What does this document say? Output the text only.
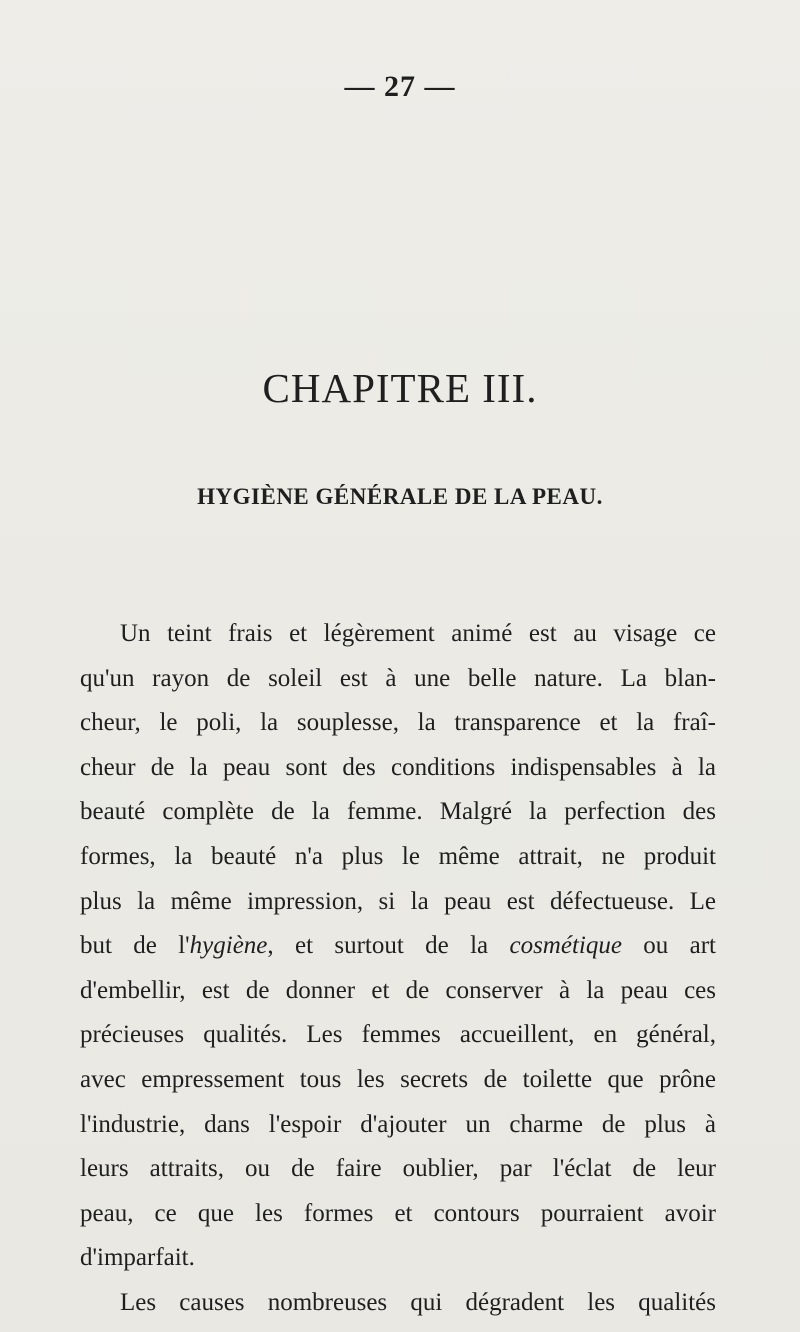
— 27 —
CHAPITRE III.
HYGIÈNE GÉNÉRALE DE LA PEAU.
Un teint frais et légèrement animé est au visage ce
qu'un rayon de soleil est à une belle nature. La blan-
cheur, le poli, la souplesse, la transparence et la fraî-
cheur de la peau sont des conditions indispensables à la
beauté complète de la femme. Malgré la perfection des
formes, la beauté n'a plus le même attrait, ne produit
plus la même impression, si la peau est défectueuse. Le
but de l'hygiène, et surtout de la cosmétique ou art
d'embellir, est de donner et de conserver à la peau ces
précieuses qualités. Les femmes accueillent, en général,
avec empressement tous les secrets de toilette que prône
l'industrie, dans l'espoir d'ajouter un charme de plus à
leurs attraits, ou de faire oublier, par l'éclat de leur
peau, ce que les formes et contours pourraient avoir
d'imparfait.
Les causes nombreuses qui dégradent les qualités
